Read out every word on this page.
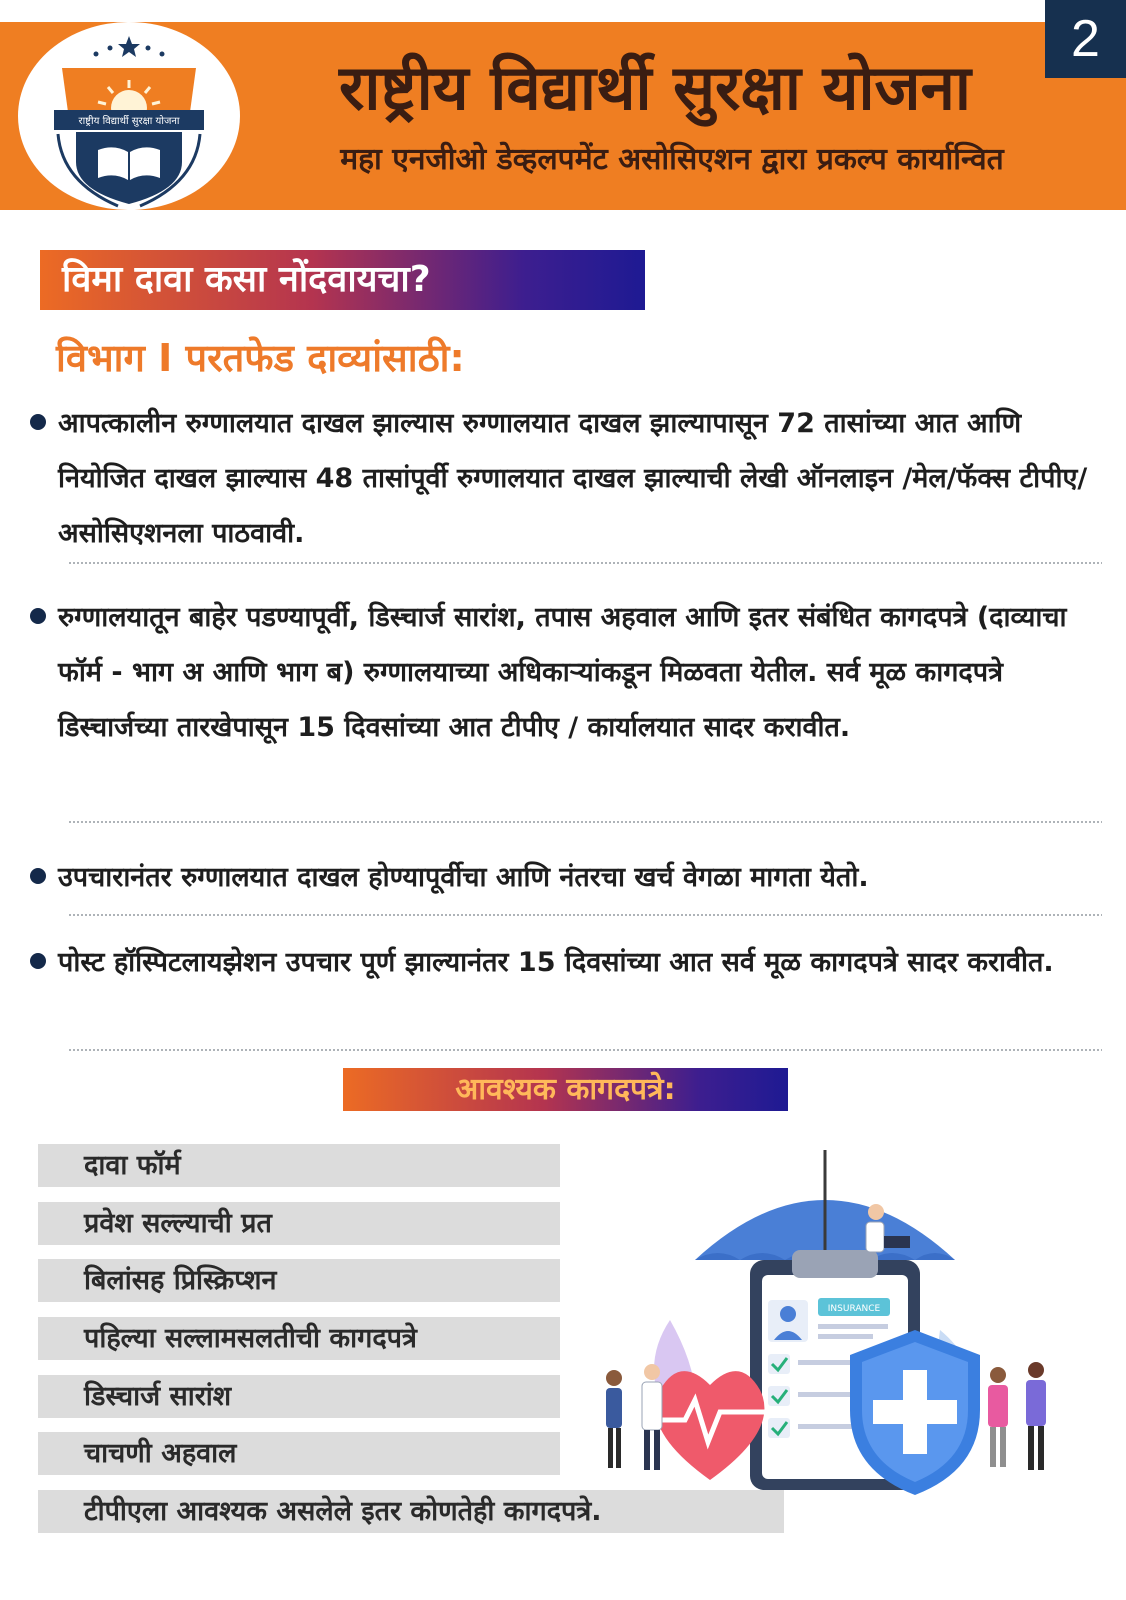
राष्ट्रीय विद्यार्थी सुरक्षा योजना
2
राष्ट्रीय विद्यार्थी सुरक्षा योजना
महा एनजीओ डेव्हलपमेंट असोसिएशन द्वारा प्रकल्प कार्यान्वित
विमा दावा कसा नोंदवायचा?
विभाग I परतफेड दाव्यांसाठी:
आपत्कालीन रुग्णालयात दाखल झाल्यास रुग्णालयात दाखल झाल्यापासून 72 तासांच्या आत आणि नियोजित दाखल झाल्यास 48 तासांपूर्वी रुग्णालयात दाखल झाल्याची लेखी ऑनलाइन /मेल/फॅक्स टीपीए/असोसिएशनला पाठवावी.
रुग्णालयातून बाहेर पडण्यापूर्वी, डिस्चार्ज सारांश, तपास अहवाल आणि इतर संबंधित कागदपत्रे (दाव्याचा फॉर्म - भाग अ आणि भाग ब) रुग्णालयाच्या अधिकाऱ्यांकडून मिळवता येतील. सर्व मूळ कागदपत्रे डिस्चार्जच्या तारखेपासून 15 दिवसांच्या आत टीपीए / कार्यालयात सादर करावीत.
उपचारानंतर रुग्णालयात दाखल होण्यापूर्वीचा आणि नंतरचा खर्च वेगळा मागता येतो.
पोस्ट हॉस्पिटलायझेशन उपचार पूर्ण झाल्यानंतर 15 दिवसांच्या आत सर्व मूळ कागदपत्रे सादर करावीत.
आवश्यक कागदपत्रे:
दावा फॉर्म
प्रवेश सल्ल्याची प्रत
बिलांसह प्रिस्क्रिप्शन
पहिल्या सल्लामसलतीची कागदपत्रे
डिस्चार्ज सारांश
चाचणी अहवाल
टीपीएला आवश्यक असलेले इतर कोणतेही कागदपत्रे.
INSURANCE
